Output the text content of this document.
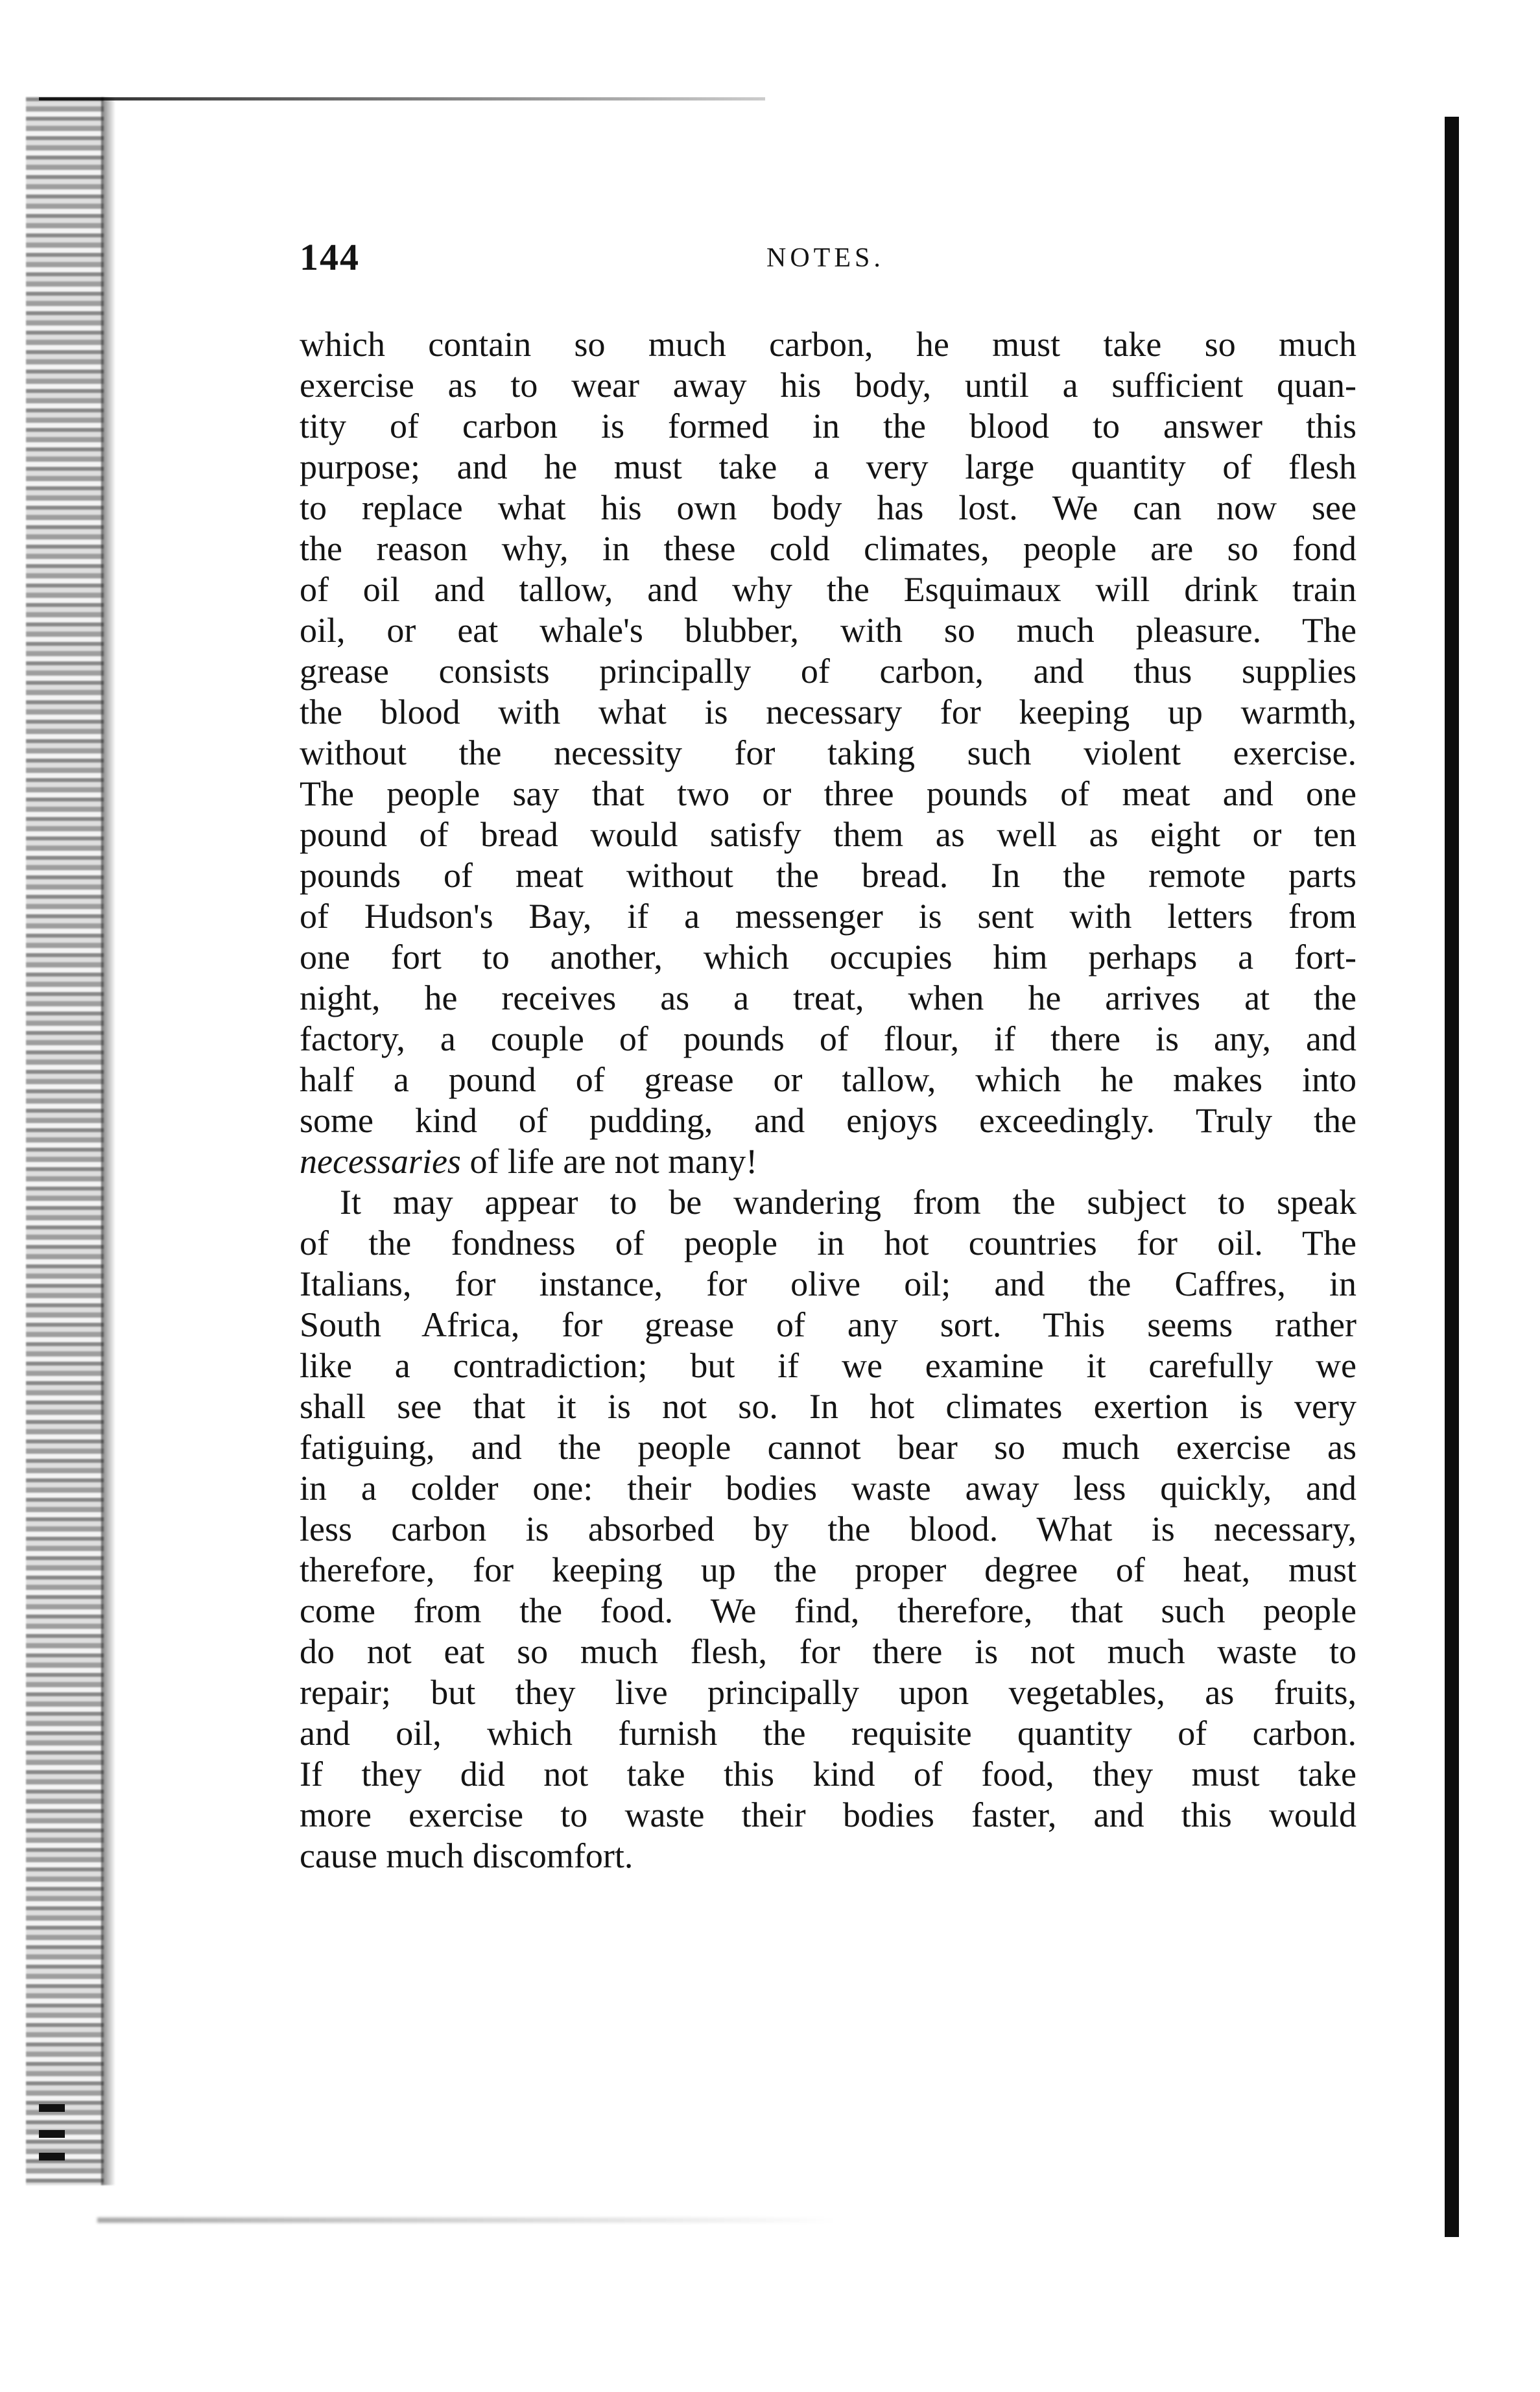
144	NOTES.
which contain so much carbon, he must take so much
exercise as to wear away his body, until a sufficient quan-
tity of carbon is formed in the blood to answer this
purpose; and he must take a very large quantity of flesh
to replace what his own body has lost. We can now see
the reason why, in these cold climates, people are so fond
of oil and tallow, and why the Esquimaux will drink train
oil, or eat whale's blubber, with so much pleasure. The
grease consists principally of carbon, and thus supplies
the blood with what is necessary for keeping up warmth,
without the necessity for taking such violent exercise.
The people say that two or three pounds of meat and one
pound of bread would satisfy them as well as eight or ten
pounds of meat without the bread. In the remote parts
of Hudson's Bay, if a messenger is sent with letters from
one fort to another, which occupies him perhaps a fort-
night, he receives as a treat, when he arrives at the
factory, a couple of pounds of flour, if there is any, and
half a pound of grease or tallow, which he makes into
some kind of pudding, and enjoys exceedingly. Truly the
necessaries of life are not many!
It may appear to be wandering from the subject to speak
of the fondness of people in hot countries for oil. The
Italians, for instance, for olive oil; and the Caffres, in
South Africa, for grease of any sort. This seems rather
like a contradiction; but if we examine it carefully we
shall see that it is not so. In hot climates exertion is very
fatiguing, and the people cannot bear so much exercise as
in a colder one: their bodies waste away less quickly, and
less carbon is absorbed by the blood. What is necessary,
therefore, for keeping up the proper degree of heat, must
come from the food. We find, therefore, that such people
do not eat so much flesh, for there is not much waste to
repair; but they live principally upon vegetables, as fruits,
and oil, which furnish the requisite quantity of carbon.
If they did not take this kind of food, they must take
more exercise to waste their bodies faster, and this would
cause much discomfort.
